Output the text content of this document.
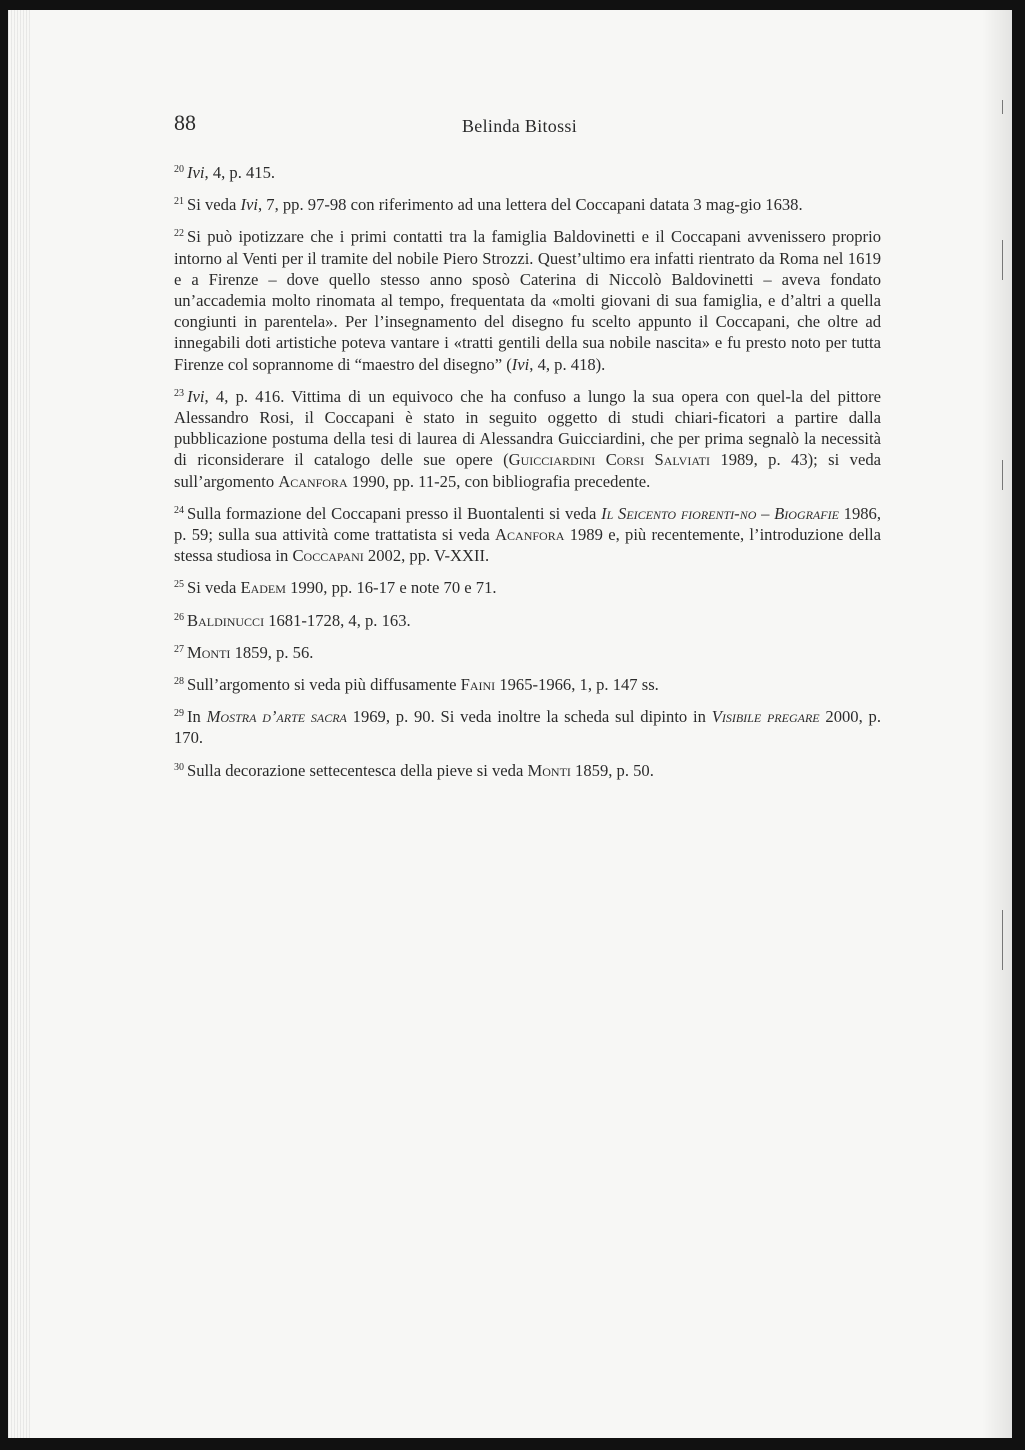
88	Belinda Bitossi

$^{20}$ Ivi, 4, p. 415.

$^{21}$ Si veda Ivi, 7, pp. 97-98 con riferimento ad una lettera del Coccapani datata 3 mag-gio 1638.

$^{22}$ Si può ipotizzare che i primi contatti tra la famiglia Baldovinetti e il Coccapani avvenissero proprio intorno al Venti per il tramite del nobile Piero Strozzi. Quest’ultimo era infatti rientrato da Roma nel 1619 e a Firenze – dove quello stesso anno sposò Caterina di Niccolò Baldovinetti – aveva fondato un’accademia molto rinomata al tempo, frequentata da «molti giovani di sua famiglia, e d’altri a quella congiunti in parentela». Per l’insegnamento del disegno fu scelto appunto il Coccapani, che oltre ad innegabili doti artistiche poteva vantare i «tratti gentili della sua nobile nascita» e fu presto noto per tutta Firenze col soprannome di “maestro del disegno” (Ivi, 4, p. 418).

$^{23}$ Ivi, 4, p. 416. Vittima di un equivoco che ha confuso a lungo la sua opera con quel-la del pittore Alessandro Rosi, il Coccapani è stato in seguito oggetto di studi chiari-ficatori a partire dalla pubblicazione postuma della tesi di laurea di Alessandra Guicciardini, che per prima segnalò la necessità di riconsiderare il catalogo delle sue opere (Guicciardini Corsi Salviati 1989, p. 43); si veda sull’argomento Acanfora 1990, pp. 11-25, con bibliografia precedente.

$^{24}$ Sulla formazione del Coccapani presso il Buontalenti si veda Il Seicento fiorenti-no – Biografie 1986, p. 59; sulla sua attività come trattatista si veda Acanfora 1989 e, più recentemente, l’introduzione della stessa studiosa in Coccapani 2002, pp. V-XXII.

$^{25}$ Si veda Eadem 1990, pp. 16-17 e note 70 e 71.

$^{26}$ Baldinucci 1681-1728, 4, p. 163.

$^{27}$ Monti 1859, p. 56.

$^{28}$ Sull’argomento si veda più diffusamente Faini 1965-1966, 1, p. 147 ss.

$^{29}$ In Mostra d’arte sacra 1969, p. 90. Si veda inoltre la scheda sul dipinto in Visibile pregare 2000, p. 170.

$^{30}$ Sulla decorazione settecentesca della pieve si veda Monti 1859, p. 50.
